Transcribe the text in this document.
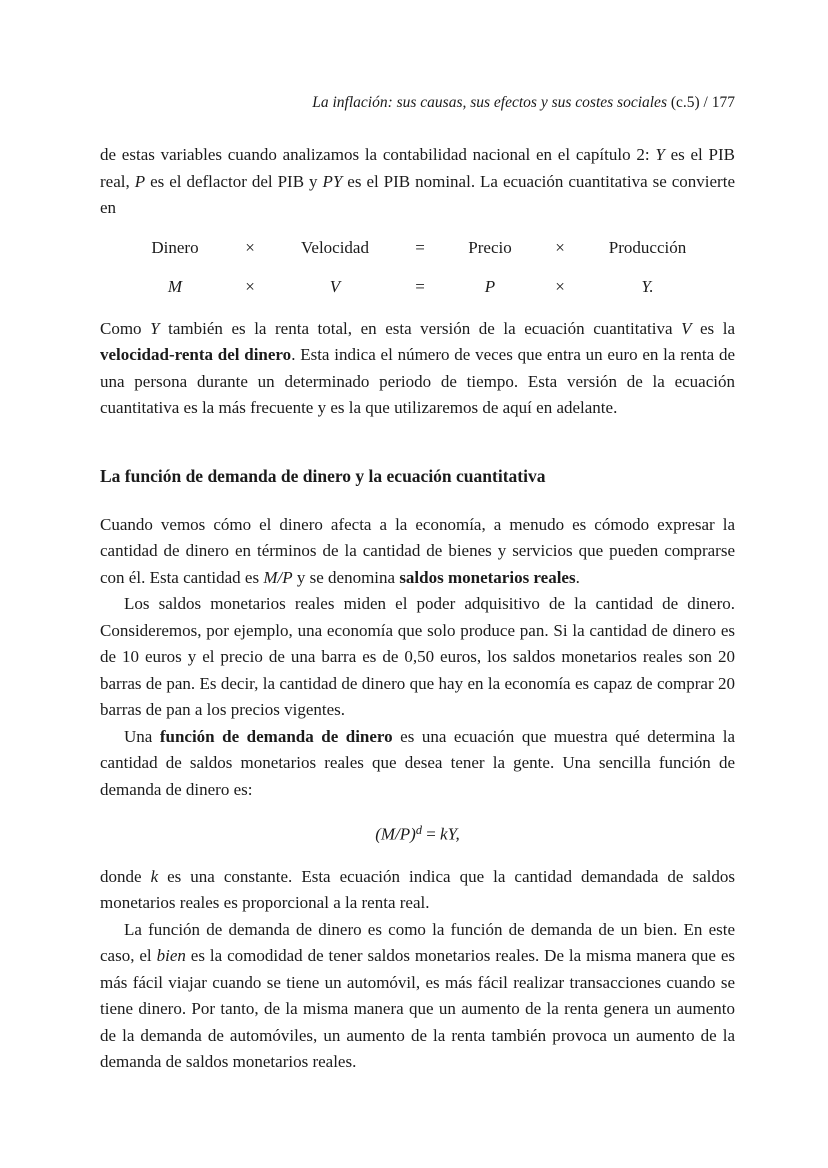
La inflación: sus causas, sus efectos y sus costes sociales (c.5) / 177

de estas variables cuando analizamos la contabilidad nacional en el capítulo 2: Y es el PIB real, P es el deflactor del PIB y PY es el PIB nominal. La ecuación cuantitativa se convierte en

Dinero	×	Velocidad	=	Precio	×	Producción
M	×	V	=	P	×	Y.

Como Y también es la renta total, en esta versión de la ecuación cuantitativa V es la velocidad-renta del dinero. Esta indica el número de veces que entra un euro en la renta de una persona durante un determinado periodo de tiempo. Esta versión de la ecuación cuantitativa es la más frecuente y es la que utilizaremos de aquí en adelante.

La función de demanda de dinero y la ecuación cuantitativa

Cuando vemos cómo el dinero afecta a la economía, a menudo es cómodo expresar la cantidad de dinero en términos de la cantidad de bienes y servicios que pueden comprarse con él. Esta cantidad es M/P y se denomina saldos monetarios reales.

Los saldos monetarios reales miden el poder adquisitivo de la cantidad de dinero. Consideremos, por ejemplo, una economía que solo produce pan. Si la cantidad de dinero es de 10 euros y el precio de una barra es de 0,50 euros, los saldos monetarios reales son 20 barras de pan. Es decir, la cantidad de dinero que hay en la economía es capaz de comprar 20 barras de pan a los precios vigentes.

Una función de demanda de dinero es una ecuación que muestra qué determina la cantidad de saldos monetarios reales que desea tener la gente. Una sencilla función de demanda de dinero es:

$(M/P)^d$ = kY,

donde k es una constante. Esta ecuación indica que la cantidad demandada de saldos monetarios reales es proporcional a la renta real.

La función de demanda de dinero es como la función de demanda de un bien. En este caso, el bien es la comodidad de tener saldos monetarios reales. De la misma manera que es más fácil viajar cuando se tiene un automóvil, es más fácil realizar transacciones cuando se tiene dinero. Por tanto, de la misma manera que un aumento de la renta genera un aumento de la demanda de automóviles, un aumento de la renta también provoca un aumento de la demanda de saldos monetarios reales.
